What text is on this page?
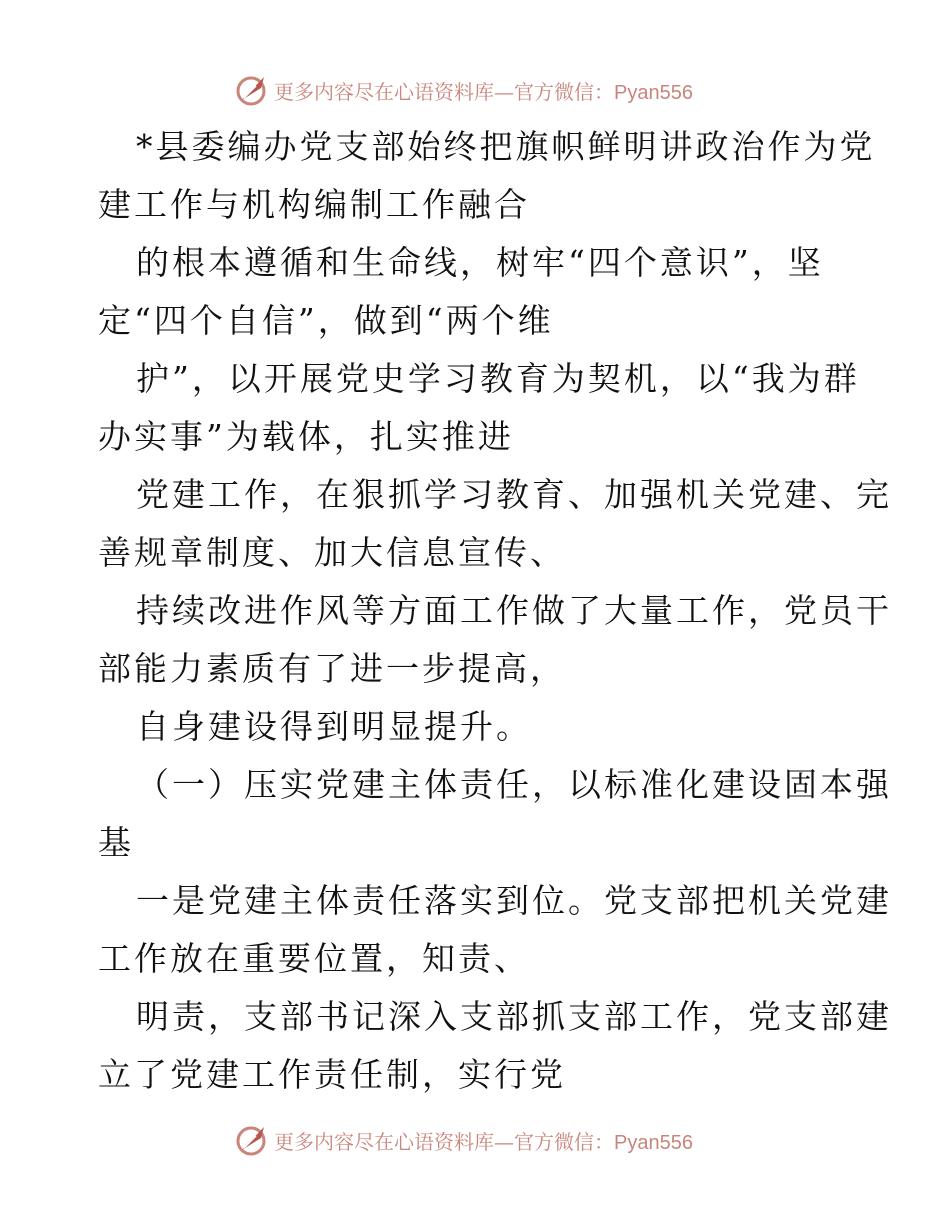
更多内容尽在心语资料库—官方微信：Pyan556
*县委编办党支部始终把旗帜鲜明讲政治作为党
建工作与机构编制工作融合
的根本遵循和生命线，树牢“四个意识”，坚
定“四个自信”，做到“两个维
护”，以开展党史学习教育为契机，以“我为群
办实事”为载体，扎实推进
党建工作，在狠抓学习教育、加强机关党建、完
善规章制度、加大信息宣传、
持续改进作风等方面工作做了大量工作，党员干
部能力素质有了进一步提高，
自身建设得到明显提升。
（一）压实党建主体责任，以标准化建设固本强
基
一是党建主体责任落实到位。党支部把机关党建
工作放在重要位置，知责、
明责，支部书记深入支部抓支部工作，党支部建
立了党建工作责任制，实行党
更多内容尽在心语资料库—官方微信：Pyan556
